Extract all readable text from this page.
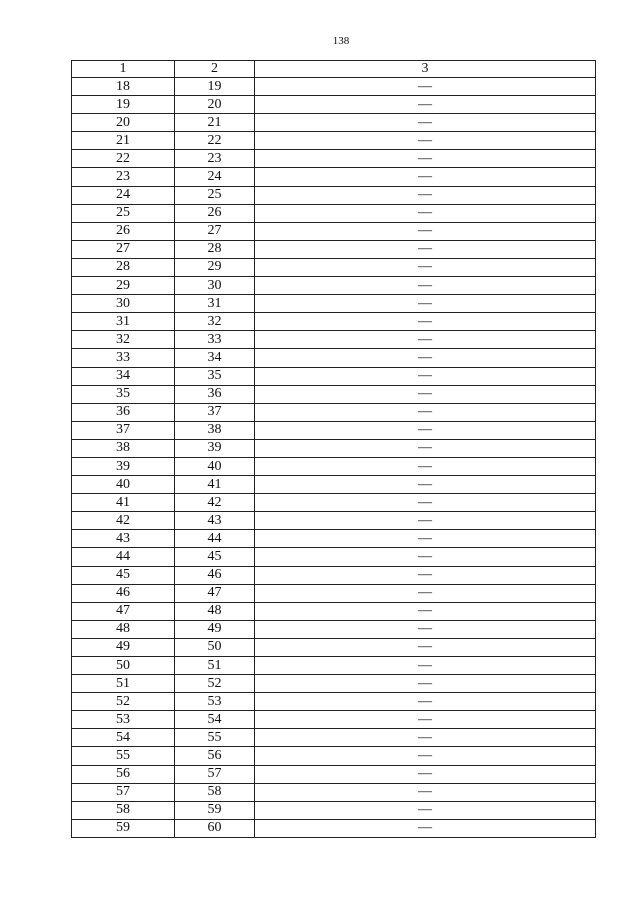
138
1	2	3
18	19	—
19	20	—
20	21	—
21	22	—
22	23	—
23	24	—
24	25	—
25	26	—
26	27	—
27	28	—
28	29	—
29	30	—
30	31	—
31	32	—
32	33	—
33	34	—
34	35	—
35	36	—
36	37	—
37	38	—
38	39	—
39	40	—
40	41	—
41	42	—
42	43	—
43	44	—
44	45	—
45	46	—
46	47	—
47	48	—
48	49	—
49	50	—
50	51	—
51	52	—
52	53	—
53	54	—
54	55	—
55	56	—
56	57	—
57	58	—
58	59	—
59	60	—
